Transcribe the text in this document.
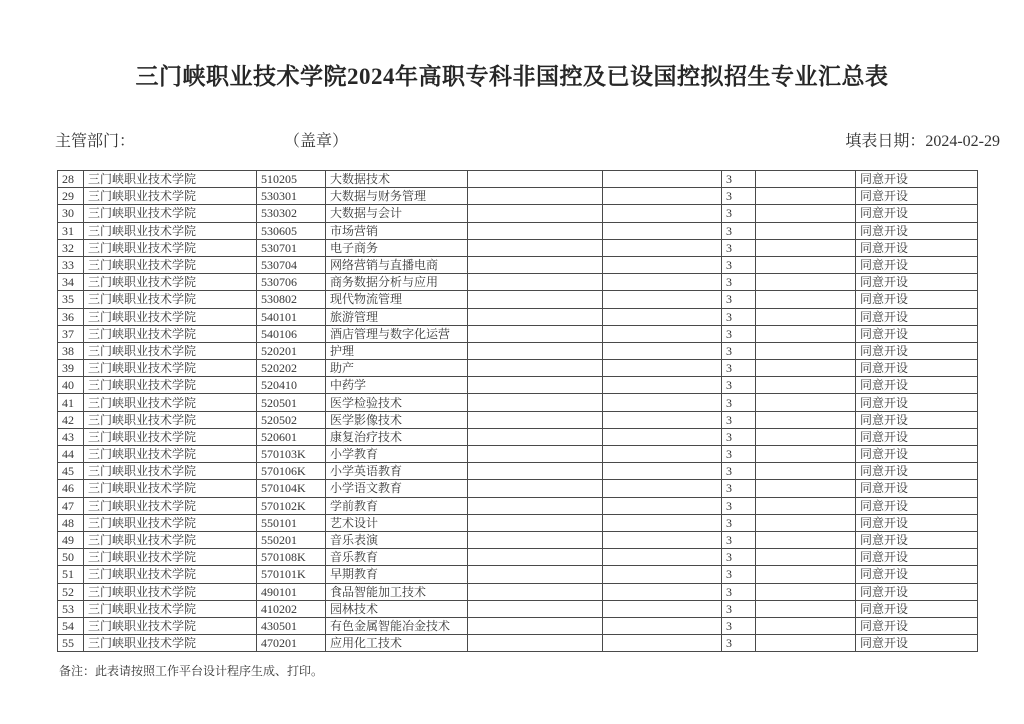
三门峡职业技术学院2024年高职专科非国控及已设国控拟招生专业汇总表
主管部门：	（盖章）	填表日期：2024-02-29
28	三门峡职业技术学院	510205	大数据技术			3		同意开设
29	三门峡职业技术学院	530301	大数据与财务管理			3		同意开设
30	三门峡职业技术学院	530302	大数据与会计			3		同意开设
31	三门峡职业技术学院	530605	市场营销			3		同意开设
32	三门峡职业技术学院	530701	电子商务			3		同意开设
33	三门峡职业技术学院	530704	网络营销与直播电商			3		同意开设
34	三门峡职业技术学院	530706	商务数据分析与应用			3		同意开设
35	三门峡职业技术学院	530802	现代物流管理			3		同意开设
36	三门峡职业技术学院	540101	旅游管理			3		同意开设
37	三门峡职业技术学院	540106	酒店管理与数字化运营			3		同意开设
38	三门峡职业技术学院	520201	护理			3		同意开设
39	三门峡职业技术学院	520202	助产			3		同意开设
40	三门峡职业技术学院	520410	中药学			3		同意开设
41	三门峡职业技术学院	520501	医学检验技术			3		同意开设
42	三门峡职业技术学院	520502	医学影像技术			3		同意开设
43	三门峡职业技术学院	520601	康复治疗技术			3		同意开设
44	三门峡职业技术学院	570103K	小学教育			3		同意开设
45	三门峡职业技术学院	570106K	小学英语教育			3		同意开设
46	三门峡职业技术学院	570104K	小学语文教育			3		同意开设
47	三门峡职业技术学院	570102K	学前教育			3		同意开设
48	三门峡职业技术学院	550101	艺术设计			3		同意开设
49	三门峡职业技术学院	550201	音乐表演			3		同意开设
50	三门峡职业技术学院	570108K	音乐教育			3		同意开设
51	三门峡职业技术学院	570101K	早期教育			3		同意开设
52	三门峡职业技术学院	490101	食品智能加工技术			3		同意开设
53	三门峡职业技术学院	410202	园林技术			3		同意开设
54	三门峡职业技术学院	430501	有色金属智能冶金技术			3		同意开设
55	三门峡职业技术学院	470201	应用化工技术			3		同意开设
备注：此表请按照工作平台设计程序生成、打印。
